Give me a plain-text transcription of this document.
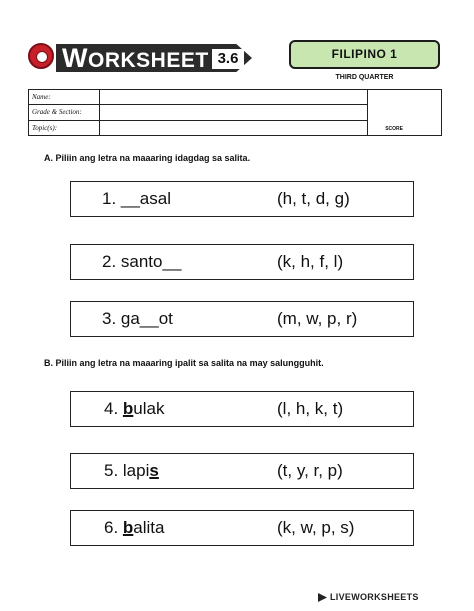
WORKSHEET 3.6	FILIPINO 1
THIRD QUARTER
Name:
Grade & Section:
Topic(s):	SCORE
A. Piliin ang letra na maaaring idagdag sa salita.
1. __asal	(h, t, d, g)
2. santo__	(k, h, f, l)
3. ga__ot	(m, w, p, r)
B. Piliin ang letra na maaaring ipalit sa salita na may salungguhit.
4. bulak	(l, h, k, t)
5. lapis	(t, y, r, p)
6. balita	(k, w, p, s)
LIVEWORKSHEETS
